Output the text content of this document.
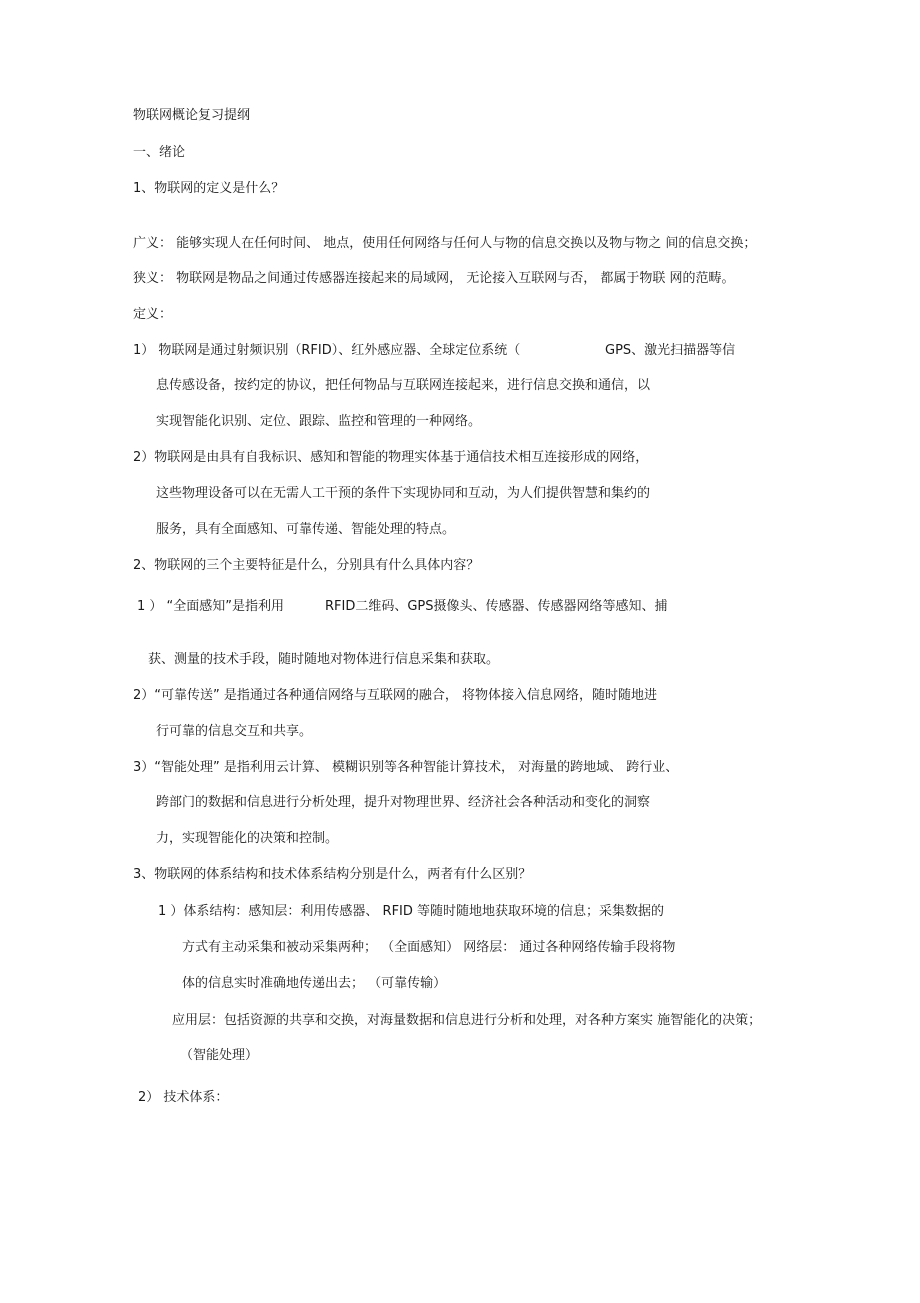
物联网概论复习提纲
一、绪论
1、物联网的定义是什么？
广义： 能够实现人在任何时间、 地点，使用任何网络与任何人与物的信息交换以及物与物之 间的信息交换；
狭义： 物联网是物品之间通过传感器连接起来的局域网， 无论接入互联网与否， 都属于物联 网的范畴。
定义：
1） 物联网是通过射频识别（RFID）、红外感应器、全球定位系统（	GPS、激光扫描器等信
息传感设备，按约定的协议，把任何物品与互联网连接起来，进行信息交换和通信，以
实现智能化识别、定位、跟踪、监控和管理的一种网络。
2）物联网是由具有自我标识、感知和智能的物理实体基于通信技术相互连接形成的网络，
这些物理设备可以在无需人工干预的条件下实现协同和互动，为人们提供智慧和集约的
服务，具有全面感知、可靠传递、智能处理的特点。
2、物联网的三个主要特征是什么，分别具有什么具体内容？
1 ） “全面感知”是指利用	RFID二维码、GPS摄像头、传感器、传感器网络等感知、捕
获、测量的技术手段，随时随地对物体进行信息采集和获取。
2）“可靠传送” 是指通过各种通信网络与互联网的融合， 将物体接入信息网络，随时随地进
行可靠的信息交互和共享。
3）“智能处理” 是指利用云计算、 模糊识别等各种智能计算技术， 对海量的跨地域、 跨行业、
跨部门的数据和信息进行分析处理，提升对物理世界、经济社会各种活动和变化的洞察
力，实现智能化的决策和控制。
3、物联网的体系结构和技术体系结构分别是什么，两者有什么区别？
1 ）体系结构：感知层：利用传感器、 RFID 等随时随地地获取环境的信息；采集数据的
方式有主动采集和被动采集两种； （全面感知） 网络层： 通过各种网络传输手段将物
体的信息实时准确地传递出去； （可靠传输）
应用层：包括资源的共享和交换，对海量数据和信息进行分析和处理，对各种方案实 施智能化的决策；
（智能处理）
2） 技术体系：
